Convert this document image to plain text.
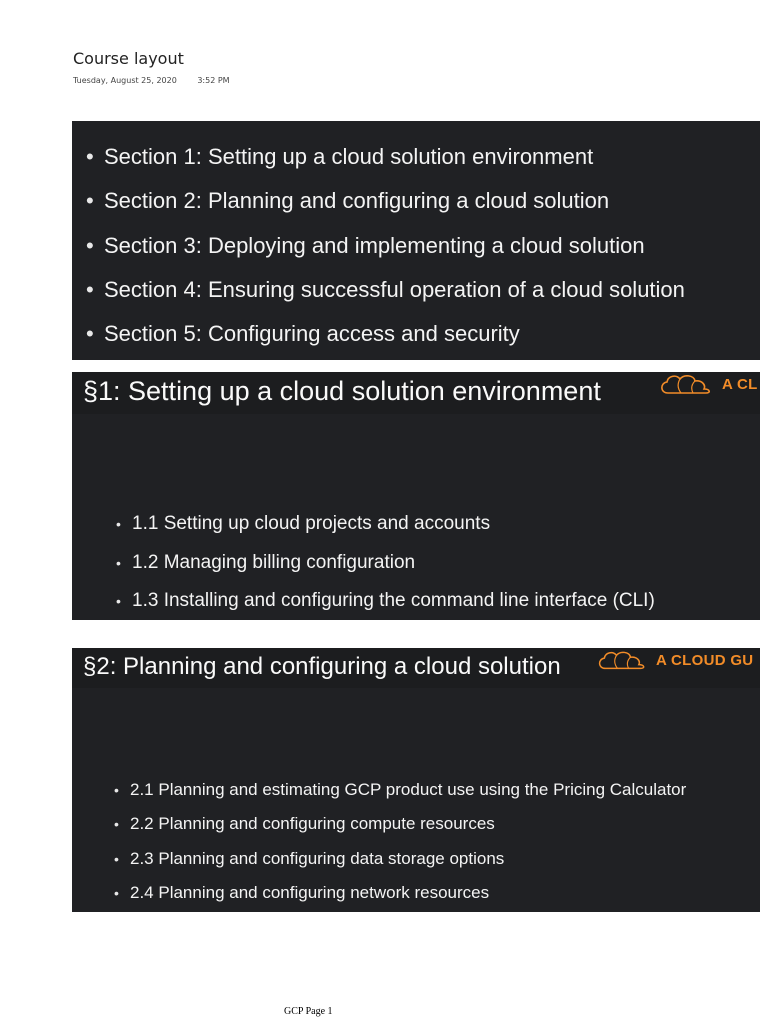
Course layout
Tuesday, August 25, 2020	3:52 PM
• Section 1: Setting up a cloud solution environment
• Section 2: Planning and configuring a cloud solution
• Section 3: Deploying and implementing a cloud solution
• Section 4: Ensuring successful operation of a cloud solution
• Section 5: Configuring access and security
§1: Setting up a cloud solution environment	A CL
• 1.1 Setting up cloud projects and accounts
• 1.2 Managing billing configuration
• 1.3 Installing and configuring the command line interface (CLI)
§2: Planning and configuring a cloud solution	A CLOUD GU
• 2.1 Planning and estimating GCP product use using the Pricing Calculator
• 2.2 Planning and configuring compute resources
• 2.3 Planning and configuring data storage options
• 2.4 Planning and configuring network resources
GCP Page 1
